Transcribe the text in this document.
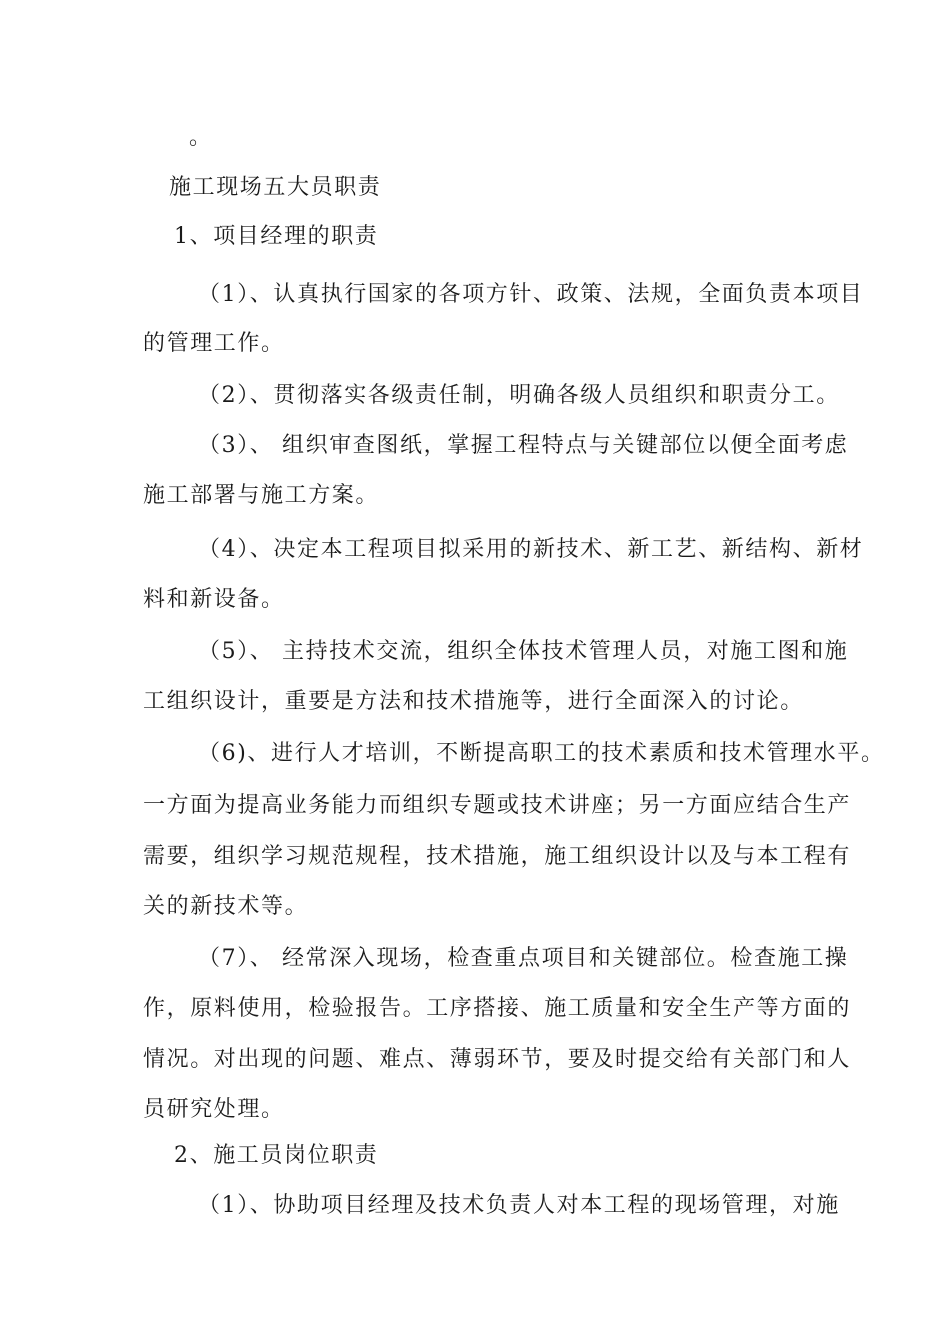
。
施工现场五大员职责
1、项目经理的职责
（1）、认真执行国家的各项方针、政策、法规，全面负责本项目
的管理工作。
（2）、贯彻落实各级责任制，明确各级人员组织和职责分工。
（3）、 组织审查图纸，掌握工程特点与关键部位以便全面考虑
施工部署与施工方案。
（4）、决定本工程项目拟采用的新技术、新工艺、新结构、新材
料和新设备。
（5）、 主持技术交流，组织全体技术管理人员，对施工图和施
工组织设计，重要是方法和技术措施等，进行全面深入的讨论。
（6)、进行人才培训，不断提高职工的技术素质和技术管理水平。
一方面为提高业务能力而组织专题或技术讲座；另一方面应结合生产
需要，组织学习规范规程，技术措施，施工组织设计以及与本工程有
关的新技术等。
（7）、 经常深入现场，检查重点项目和关键部位。检查施工操
作，原料使用，检验报告。工序搭接、施工质量和安全生产等方面的
情况。对出现的问题、难点、薄弱环节，要及时提交给有关部门和人
员研究处理。
2、施工员岗位职责
（1）、协助项目经理及技术负责人对本工程的现场管理，对施
